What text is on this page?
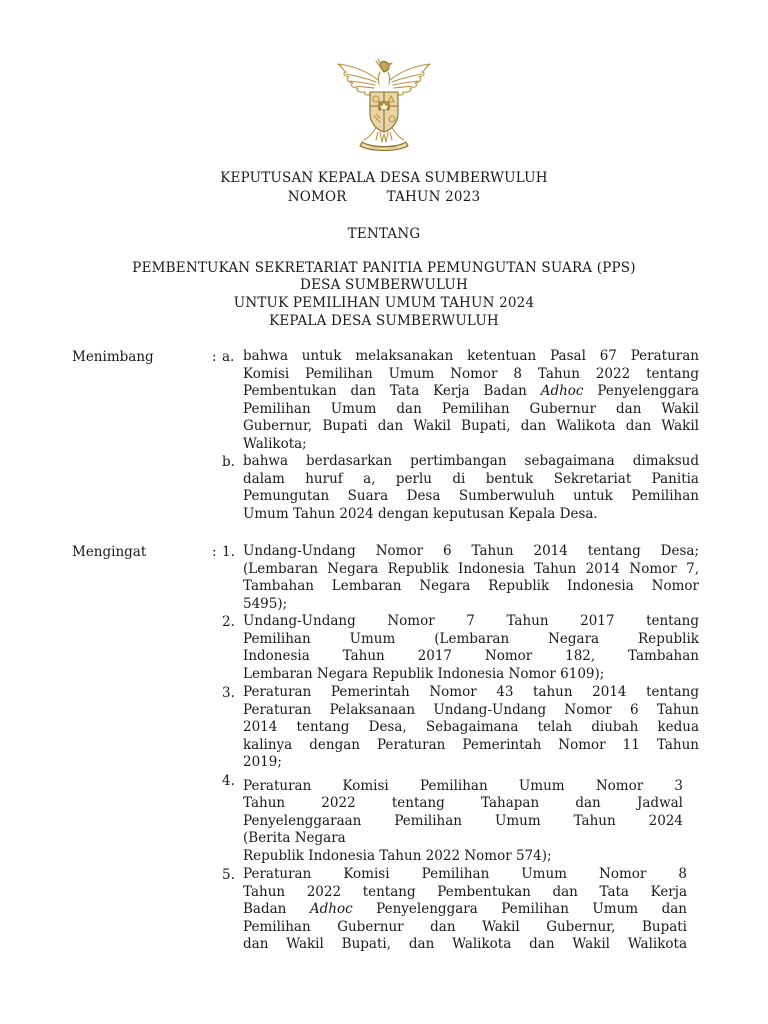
KEPUTUSAN KEPALA DESA SUMBERWULUH
NOMOR	TAHUN 2023
TENTANG
PEMBENTUKAN SEKRETARIAT PANITIA PEMUNGUTAN SUARA (PPS)
DESA SUMBERWULUH
UNTUK PEMILIHAN UMUM TAHUN 2024
KEPALA DESA SUMBERWULUH
Menimbang	: a. bahwa untuk melaksanakan ketentuan Pasal 67 Peraturan
Komisi Pemilihan Umum Nomor 8 Tahun 2022 tentang
Pembentukan dan Tata Kerja Badan Adhoc Penyelenggara
Pemilihan Umum dan Pemilihan Gubernur dan Wakil
Gubernur, Bupati dan Wakil Bupati, dan Walikota dan Wakil
Walikota;
b. bahwa berdasarkan pertimbangan sebagaimana dimaksud
dalam huruf a, perlu di bentuk Sekretariat Panitia
Pemungutan Suara Desa Sumberwuluh untuk Pemilihan
Umum Tahun 2024 dengan keputusan Kepala Desa.
Mengingat	: 1. Undang-Undang Nomor 6 Tahun 2014 tentang Desa;
(Lembaran Negara Republik Indonesia Tahun 2014 Nomor 7,
Tambahan Lembaran Negara Republik Indonesia Nomor
5495);
2. Undang-Undang Nomor 7 Tahun 2017 tentang
Pemilihan Umum (Lembaran Negara Republik
Indonesia Tahun 2017 Nomor 182, Tambahan
Lembaran Negara Republik Indonesia Nomor 6109);
3. Peraturan Pemerintah Nomor 43 tahun 2014 tentang
Peraturan Pelaksanaan Undang-Undang Nomor 6 Tahun
2014 tentang Desa, Sebagaimana telah diubah kedua
kalinya dengan Peraturan Pemerintah Nomor 11 Tahun
2019;
4. Peraturan Komisi Pemilihan Umum Nomor 3
Tahun 2022 tentang Tahapan dan Jadwal
Penyelenggaraan Pemilihan Umum Tahun 2024
(Berita Negara
Republik Indonesia Tahun 2022 Nomor 574);
5. Peraturan Komisi Pemilihan Umum Nomor 8
Tahun 2022 tentang Pembentukan dan Tata Kerja
Badan Adhoc Penyelenggara Pemilihan Umum dan
Pemilihan Gubernur dan Wakil Gubernur, Bupati
dan Wakil Bupati, dan Walikota dan Wakil Walikota
